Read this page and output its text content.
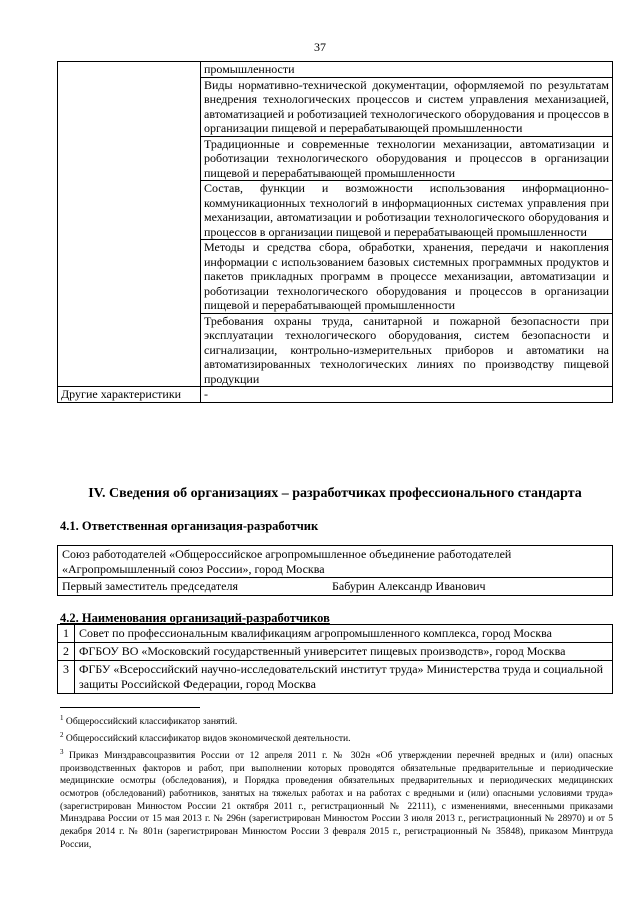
37
	промышленности
	Виды нормативно-технической документации, оформляемой по результатам внедрения технологических процессов и систем управления механизацией, автоматизацией и роботизацией технологического оборудования и процессов в организации пищевой и перерабатывающей промышленности
	Традиционные и современные технологии механизации, автоматизации и роботизации технологического оборудования и процессов в организации пищевой и перерабатывающей промышленности
	Состав, функции и возможности использования информационно-коммуникационных технологий в информационных системах управления при механизации, автоматизации и роботизации технологического оборудования и процессов в организации пищевой и перерабатывающей промышленности
	Методы и средства сбора, обработки, хранения, передачи и накопления информации с использованием базовых системных программных продуктов и пакетов прикладных программ в процессе механизации, автоматизации и роботизации технологического оборудования и процессов в организации пищевой и перерабатывающей промышленности
	Требования охраны труда, санитарной и пожарной безопасности при эксплуатации технологического оборудования, систем безопасности и сигнализации, контрольно-измерительных приборов и автоматики на автоматизированных технологических линиях по производству пищевой продукции
Другие характеристики	-
IV. Сведения об организациях – разработчиках профессионального стандарта
4.1. Ответственная организация-разработчик
Союз работодателей «Общероссийское агропромышленное объединение работодателей «Агропромышленный союз России», город Москва

Первый заместитель председателя	Бабурин Александр Иванович
4.2. Наименования организаций-разработчиков
1	Совет по профессиональным квалификациям агропромышленного комплекса, город Москва
2	ФГБОУ ВО «Московский государственный университет пищевых производств», город Москва
3	ФГБУ «Всероссийский научно-исследовательский институт труда» Министерства труда и социальной защиты Российской Федерации, город Москва

$^1$ Общероссийский классификатор занятий.

$^2$ Общероссийский классификатор видов экономической деятельности.

$^3$ Приказ Минздравсоцразвития России от 12 апреля 2011 г. № 302н «Об утверждении перечней вредных и (или) опасных производственных факторов и работ, при выполнении которых проводятся обязательные предварительные и периодические медицинские осмотры (обследования), и Порядка проведения обязательных предварительных и периодических медицинских осмотров (обследований) работников, занятых на тяжелых работах и на работах с вредными и (или) опасными условиями труда» (зарегистрирован Минюстом России 21 октября 2011 г., регистрационный № 22111), с изменениями, внесенными приказами Минздрава России от 15 мая 2013 г. № 296н (зарегистрирован Минюстом России 3 июля 2013 г., регистрационный № 28970) и от 5 декабря 2014 г. № 801н (зарегистрирован Минюстом России 3 февраля 2015 г., регистрационный № 35848), приказом Минтруда России,
